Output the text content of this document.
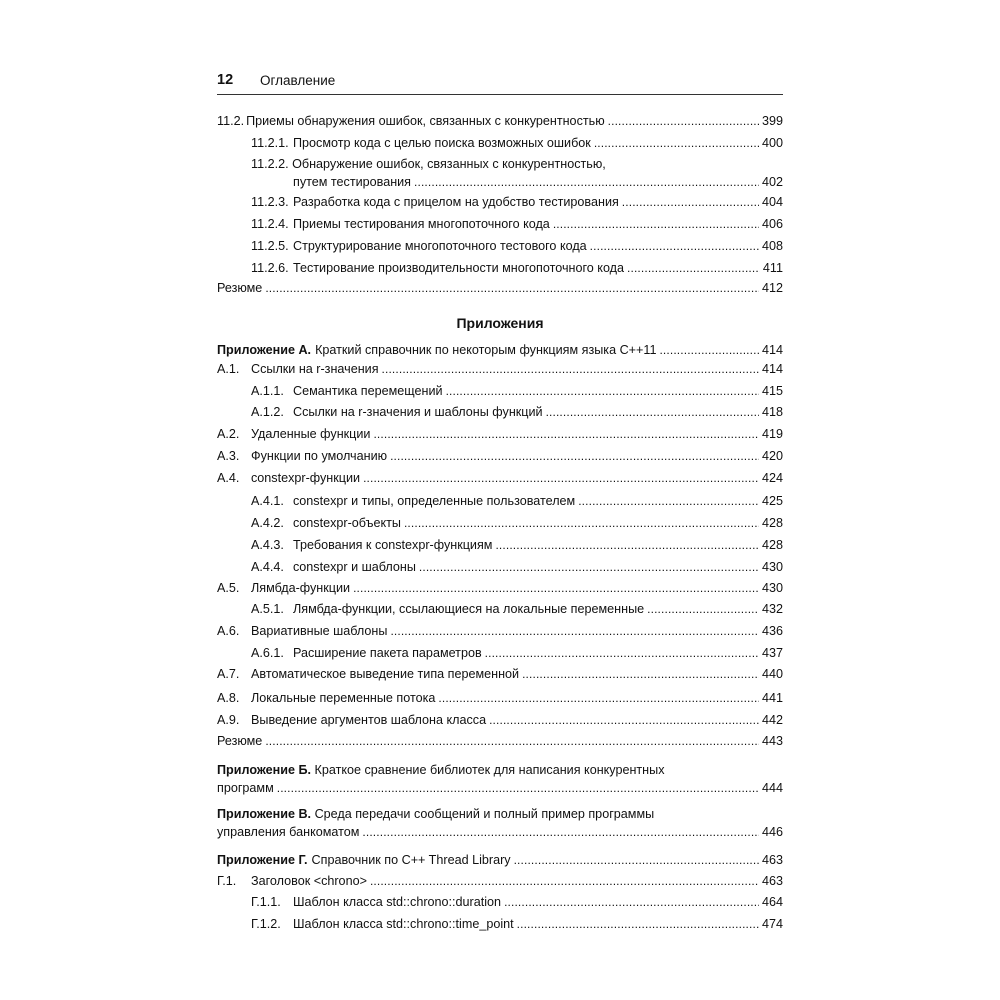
12 Оглавление
Приложения
11.2. Приемы обнаружения ошибок, связанных с конкурентностью . . .	399
11.2.1. Просмотр кода с целью поиска возможных ошибок . . .	400
11.2.2. Обнаружение ошибок, связанных с конкурентностью,
путем тестирования . . .	402
11.2.3. Разработка кода с прицелом на удобство тестирования . . .	404
11.2.4. Приемы тестирования многопоточного кода . . .	406
11.2.5. Структурирование многопоточного тестового кода . . .	408
11.2.6. Тестирование производительности многопоточного кода . . .	411
Резюме . . .	412
Приложение А. Краткий справочник по некоторым функциям языка C++11 . . .	414
A.1. Ссылки на r-значения . . .	414
A.1.1. Семантика перемещений . . .	415
A.1.2. Ссылки на r-значения и шаблоны функций . . .	418
A.2. Удаленные функции . . .	419
A.3. Функции по умолчанию . . .	420
A.4. constexpr-функции . . .	424
A.4.1. constexpr и типы, определенные пользователем . . .	425
A.4.2. constexpr-объекты . . .	428
A.4.3. Требования к constexpr-функциям . . .	428
A.4.4. constexpr и шаблоны . . .	430
A.5. Лямбда-функции . . .	430
A.5.1. Лямбда-функции, ссылающиеся на локальные переменные . . .	432
A.6. Вариативные шаблоны . . .	436
A.6.1. Расширение пакета параметров . . .	437
A.7. Автоматическое выведение типа переменной . . .	440
A.8. Локальные переменные потока . . .	441
A.9. Выведение аргументов шаблона класса . . .	442
Резюме . . .	443
Приложение Б. Краткое сравнение библиотек для написания конкурентных
программ . . .	444
Приложение В. Среда передачи сообщений и полный пример программы
управления банкоматом . . .	446
Приложение Г. Справочник по C++ Thread Library . . .	463
Г.1.	Заголовок <chrono> . . .	463
Г.1.1. Шаблон класса std::chrono::duration . . .	464
Г.1.2. Шаблон класса std::chrono::time_point . . .	474
